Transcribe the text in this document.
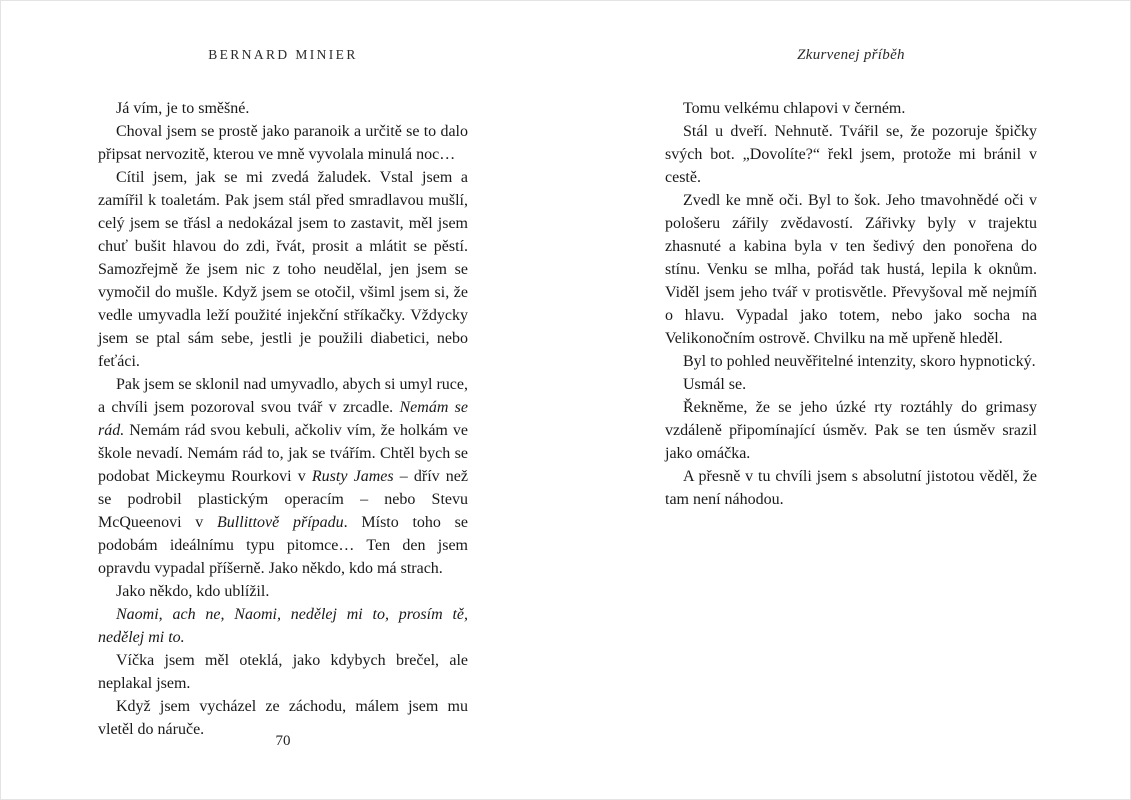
BERNARD MINIER

Já vím, je to směšné.

Choval jsem se prostě jako paranoik a určitě se to dalo připsat nervozitě, kterou ve mně vyvolala minulá noc…

Cítil jsem, jak se mi zvedá žaludek. Vstal jsem a zamířil k toaletám. Pak jsem stál před smradlavou mušlí, celý jsem se třásl a nedokázal jsem to zastavit, měl jsem chuť bušit hlavou do zdi, řvát, prosit a mlátit se pěstí. Samozřejmě že jsem nic z toho neudělal, jen jsem se vymočil do mušle. Když jsem se otočil, všiml jsem si, že vedle umyvadla leží použité injekční stříkačky. Vždycky jsem se ptal sám sebe, jestli je použili diabetici, nebo feťáci.

Pak jsem se sklonil nad umyvadlo, abych si umyl ruce, a chvíli jsem pozoroval svou tvář v zrcadle. Nemám se rád. Nemám rád svou kebuli, ačkoliv vím, že holkám ve škole nevadí. Nemám rád to, jak se tvářím. Chtěl bych se podobat Mickeymu Rourkovi v Rusty James – dřív než se podrobil plastickým operacím – nebo Stevu McQueenovi v Bullittově případu. Místo toho se podobám ideálnímu typu pitomce… Ten den jsem opravdu vypadal příšerně. Jako někdo, kdo má strach.

Jako někdo, kdo ublížil.

Naomi, ach ne, Naomi, nedělej mi to, prosím tě, nedělej mi to.

Víčka jsem měl oteklá, jako kdybych brečel, ale neplakal jsem.

Když jsem vycházel ze záchodu, málem jsem mu vletěl do náruče.

70
Zkurvenej příběh

Tomu velkému chlapovi v černém.

Stál u dveří. Nehnutě. Tvářil se, že pozoruje špičky svých bot. „Dovolíte?“ řekl jsem, protože mi bránil v cestě.

Zvedl ke mně oči. Byl to šok. Jeho tmavohnědé oči v pološeru zářily zvědavostí. Zářivky byly v trajektu zhasnuté a kabina byla v ten šedivý den ponořena do stínu. Venku se mlha, pořád tak hustá, lepila k oknům. Viděl jsem jeho tvář v protisvětle. Převyšoval mě nejmíň o hlavu. Vypadal jako totem, nebo jako socha na Velikonočním ostrově. Chvilku na mě upřeně hleděl.

Byl to pohled neuvěřitelné intenzity, skoro hypnotický.

Usmál se.

Řekněme, že se jeho úzké rty roztáhly do grimasy vzdáleně připomínající úsměv. Pak se ten úsměv srazil jako omáčka.

A přesně v tu chvíli jsem s absolutní jistotou věděl, že tam není náhodou.
